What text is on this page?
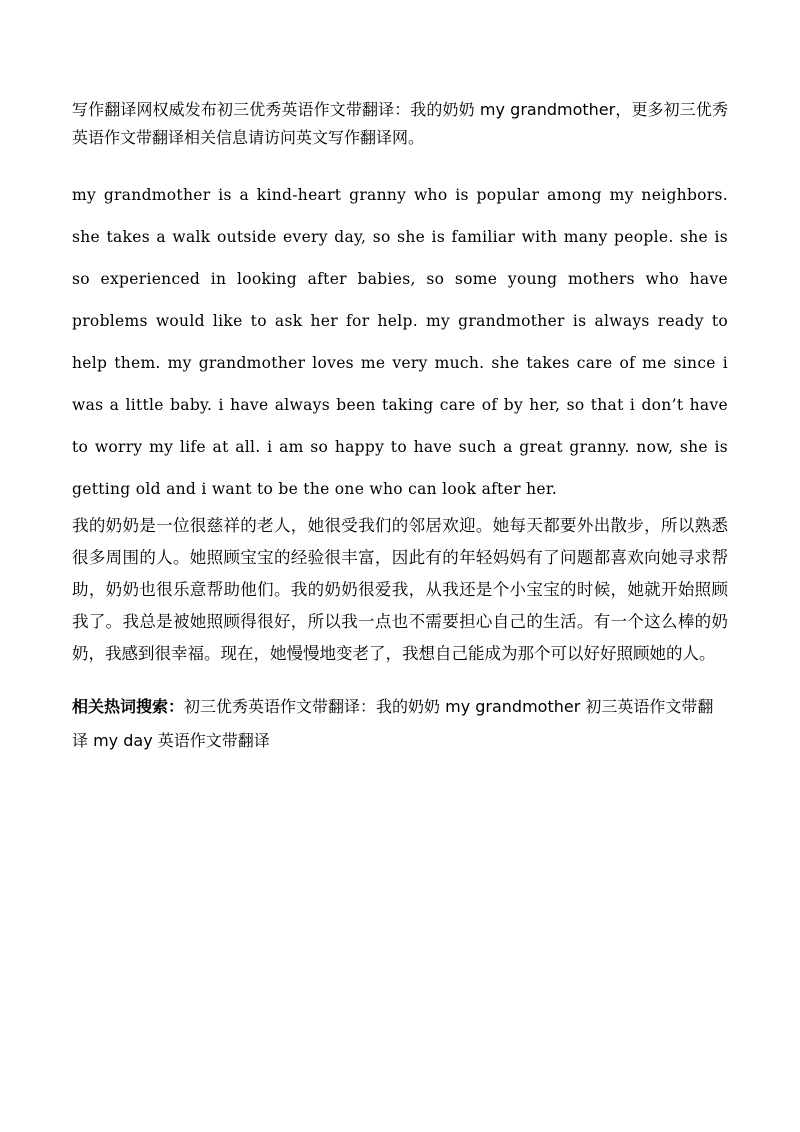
写作翻译网权威发布初三优秀英语作文带翻译：我的奶奶 my grandmother，更多初三优秀英语作文带翻译相关信息请访问英文写作翻译网。

my grandmother is a kind-heart granny who is popular among my neighbors. she takes a walk outside every day, so she is familiar with many people. she is so experienced in looking after babies, so some young mothers who have problems would like to ask her for help. my grandmother is always ready to help them. my grandmother loves me very much. she takes care of me since i was a little baby. i have always been taking care of by her, so that i don’t have to worry my life at all. i am so happy to have such a great granny. now, she is getting old and i want to be the one who can look after her.

我的奶奶是一位很慈祥的老人，她很受我们的邻居欢迎。她每天都要外出散步，所以熟悉很多周围的人。她照顾宝宝的经验很丰富，因此有的年轻妈妈有了问题都喜欢向她寻求帮助，奶奶也很乐意帮助他们。我的奶奶很爱我，从我还是个小宝宝的时候，她就开始照顾我了。我总是被她照顾得很好，所以我一点也不需要担心自己的生活。有一个这么棒的奶奶，我感到很幸福。现在，她慢慢地变老了，我想自己能成为那个可以好好照顾她的人。

相关热词搜索：初三优秀英语作文带翻译：我的奶奶 my grandmother 初三英语作文带翻译 my day 英语作文带翻译
